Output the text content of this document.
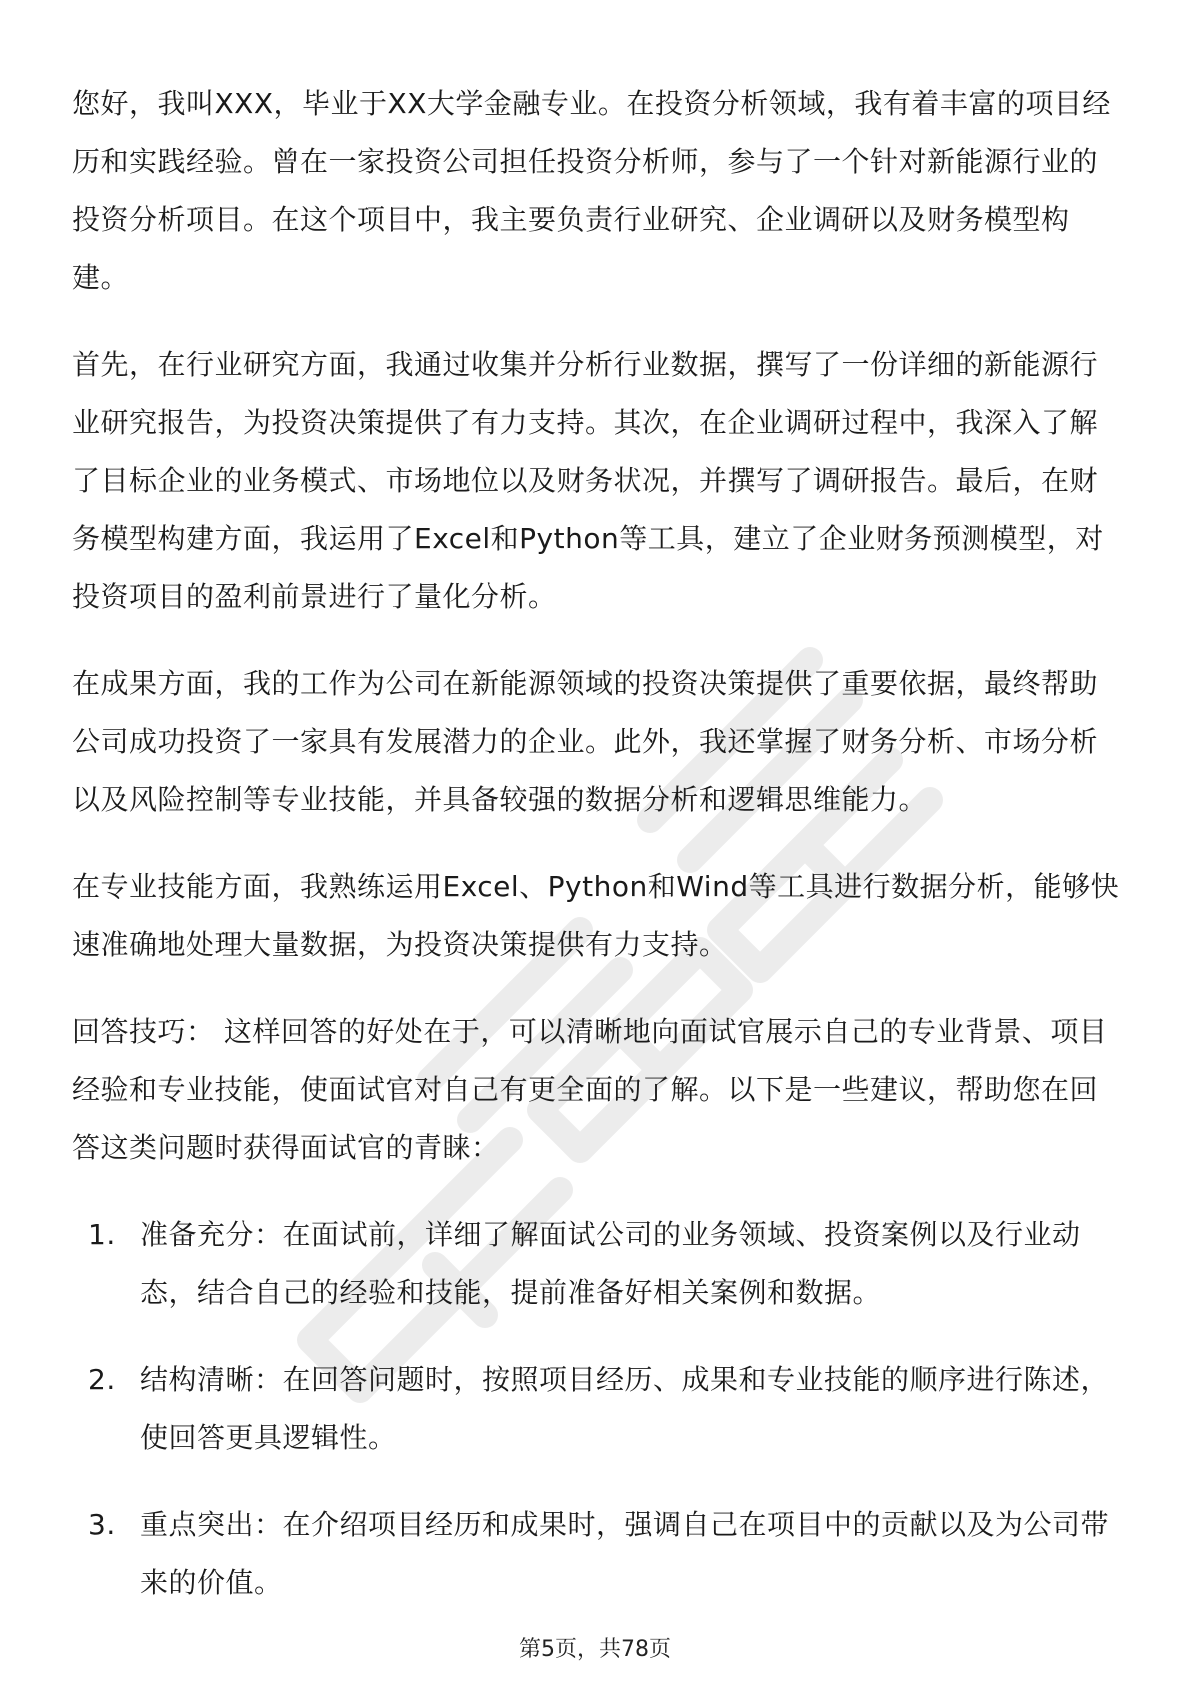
您好，我叫XXX，毕业于XX大学金融专业。在投资分析领域，我有着丰富的项目经历和实践经验。曾在一家投资公司担任投资分析师，参与了一个针对新能源行业的投资分析项目。在这个项目中，我主要负责行业研究、企业调研以及财务模型构建。

首先，在行业研究方面，我通过收集并分析行业数据，撰写了一份详细的新能源行业研究报告，为投资决策提供了有力支持。其次，在企业调研过程中，我深入了解了目标企业的业务模式、市场地位以及财务状况，并撰写了调研报告。最后，在财务模型构建方面，我运用了Excel和Python等工具，建立了企业财务预测模型，对投资项目的盈利前景进行了量化分析。

在成果方面，我的工作为公司在新能源领域的投资决策提供了重要依据，最终帮助公司成功投资了一家具有发展潜力的企业。此外，我还掌握了财务分析、市场分析以及风险控制等专业技能，并具备较强的数据分析和逻辑思维能力。

在专业技能方面，我熟练运用Excel、Python和Wind等工具进行数据分析，能够快速准确地处理大量数据，为投资决策提供有力支持。

回答技巧： 这样回答的好处在于，可以清晰地向面试官展示自己的专业背景、项目经验和专业技能，使面试官对自己有更全面的了解。以下是一些建议，帮助您在回答这类问题时获得面试官的青睐：

1. 准备充分：在面试前，详细了解面试公司的业务领域、投资案例以及行业动态，结合自己的经验和技能，提前准备好相关案例和数据。
2. 结构清晰：在回答问题时，按照项目经历、成果和专业技能的顺序进行陈述，使回答更具逻辑性。
3. 重点突出：在介绍项目经历和成果时，强调自己在项目中的贡献以及为公司带来的价值。
第5页，共78页
